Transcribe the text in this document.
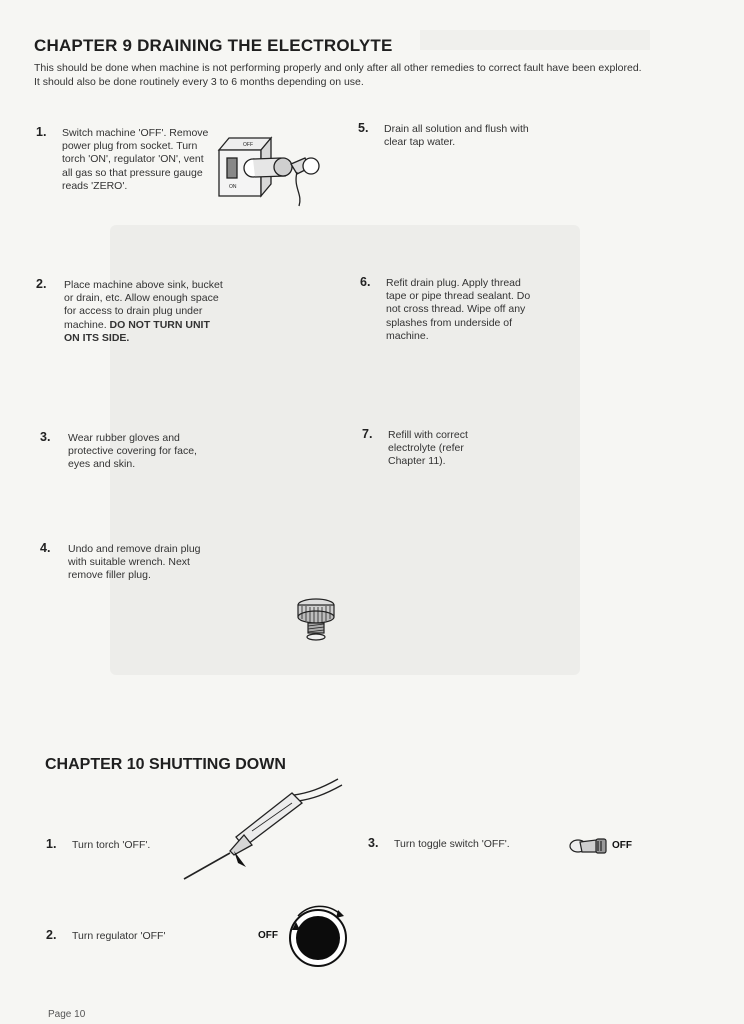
CHAPTER 9 DRAINING THE ELECTROLYTE

This should be done when machine is not performing properly and only after all other remedies to correct fault have been explored. It should also be done routinely every 3 to 6 months depending on use.

1.	Switch machine 'OFF'. Remove power plug from socket. Turn torch 'ON', regulator 'ON', vent all gas so that pressure gauge reads 'ZERO'.
OFF
ON
2.	Place machine above sink, bucket or drain, etc. Allow enough space for access to drain plug under machine. DO NOT TURN UNIT ON ITS SIDE.
3.	Wear rubber gloves and protective covering for face, eyes and skin.
4.	Undo and remove drain plug with suitable wrench. Next remove filler plug.
5.	Drain all solution and flush with clear tap water.
6.	Refit drain plug. Apply thread tape or pipe thread sealant. Do not cross thread. Wipe off any splashes from underside of machine.
7.	Refill with correct electrolyte (refer Chapter 11).
CHAPTER 10 SHUTTING DOWN
1.	Turn torch 'OFF'.
2.	Turn regulator 'OFF'	OFF
3.	Turn toggle switch 'OFF'.	OFF
Page 10
